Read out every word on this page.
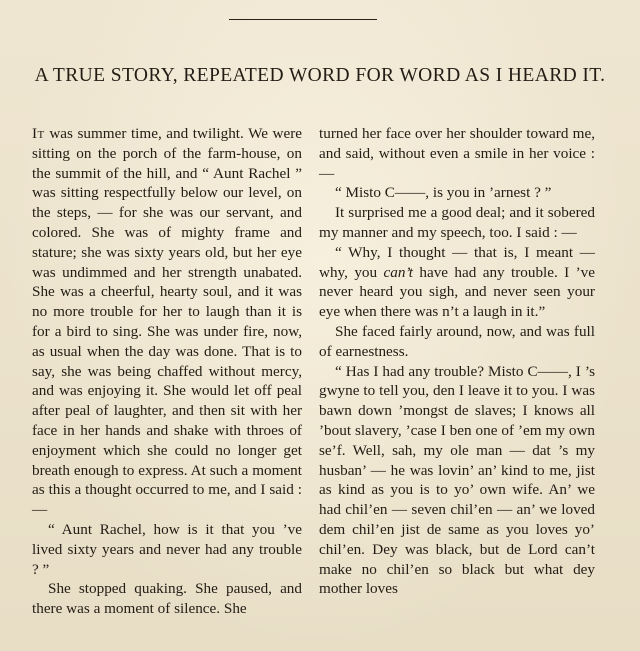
A TRUE STORY, REPEATED WORD FOR WORD AS I HEARD IT.

It was summer time, and twilight. We were sitting on the porch of the farm-house, on the summit of the hill, and “ Aunt Rachel ” was sitting respectfully below our level, on the steps, — for she was our servant, and colored. She was of mighty frame and stature; she was sixty years old, but her eye was undimmed and her strength unabated. She was a cheerful, hearty soul, and it was no more trouble for her to laugh than it is for a bird to sing. She was under fire, now, as usual when the day was done. That is to say, she was being chaffed without mercy, and was enjoying it. She would let off peal after peal of laughter, and then sit with her face in her hands and shake with throes of enjoyment which she could no longer get breath enough to express. At such a moment as this a thought occurred to me, and I said : —

“ Aunt Rachel, how is it that you ’ve lived sixty years and never had any trouble ? ”

She stopped quaking. She paused, and there was a moment of silence. She

turned her face over her shoulder toward me, and said, without even a smile in her voice : —

“ Misto C——, is you in ’arnest ? ”

It surprised me a good deal; and it sobered my manner and my speech, too. I said : —

“ Why, I thought — that is, I meant — why, you can’t have had any trouble. I ’ve never heard you sigh, and never seen your eye when there was n’t a laugh in it.”

She faced fairly around, now, and was full of earnestness.

“ Has I had any trouble? Misto C——, I ’s gwyne to tell you, den I leave it to you. I was bawn down ’mongst de slaves; I knows all ’bout slavery, ’case I ben one of ’em my own se’f. Well, sah, my ole man — dat ’s my husban’ — he was lovin’ an’ kind to me, jist as kind as you is to yo’ own wife. An’ we had chil’en — seven chil’en — an’ we loved dem chil’en jist de same as you loves yo’ chil’en. Dey was black, but de Lord can’t make no chil’en so black but what dey mother loves
